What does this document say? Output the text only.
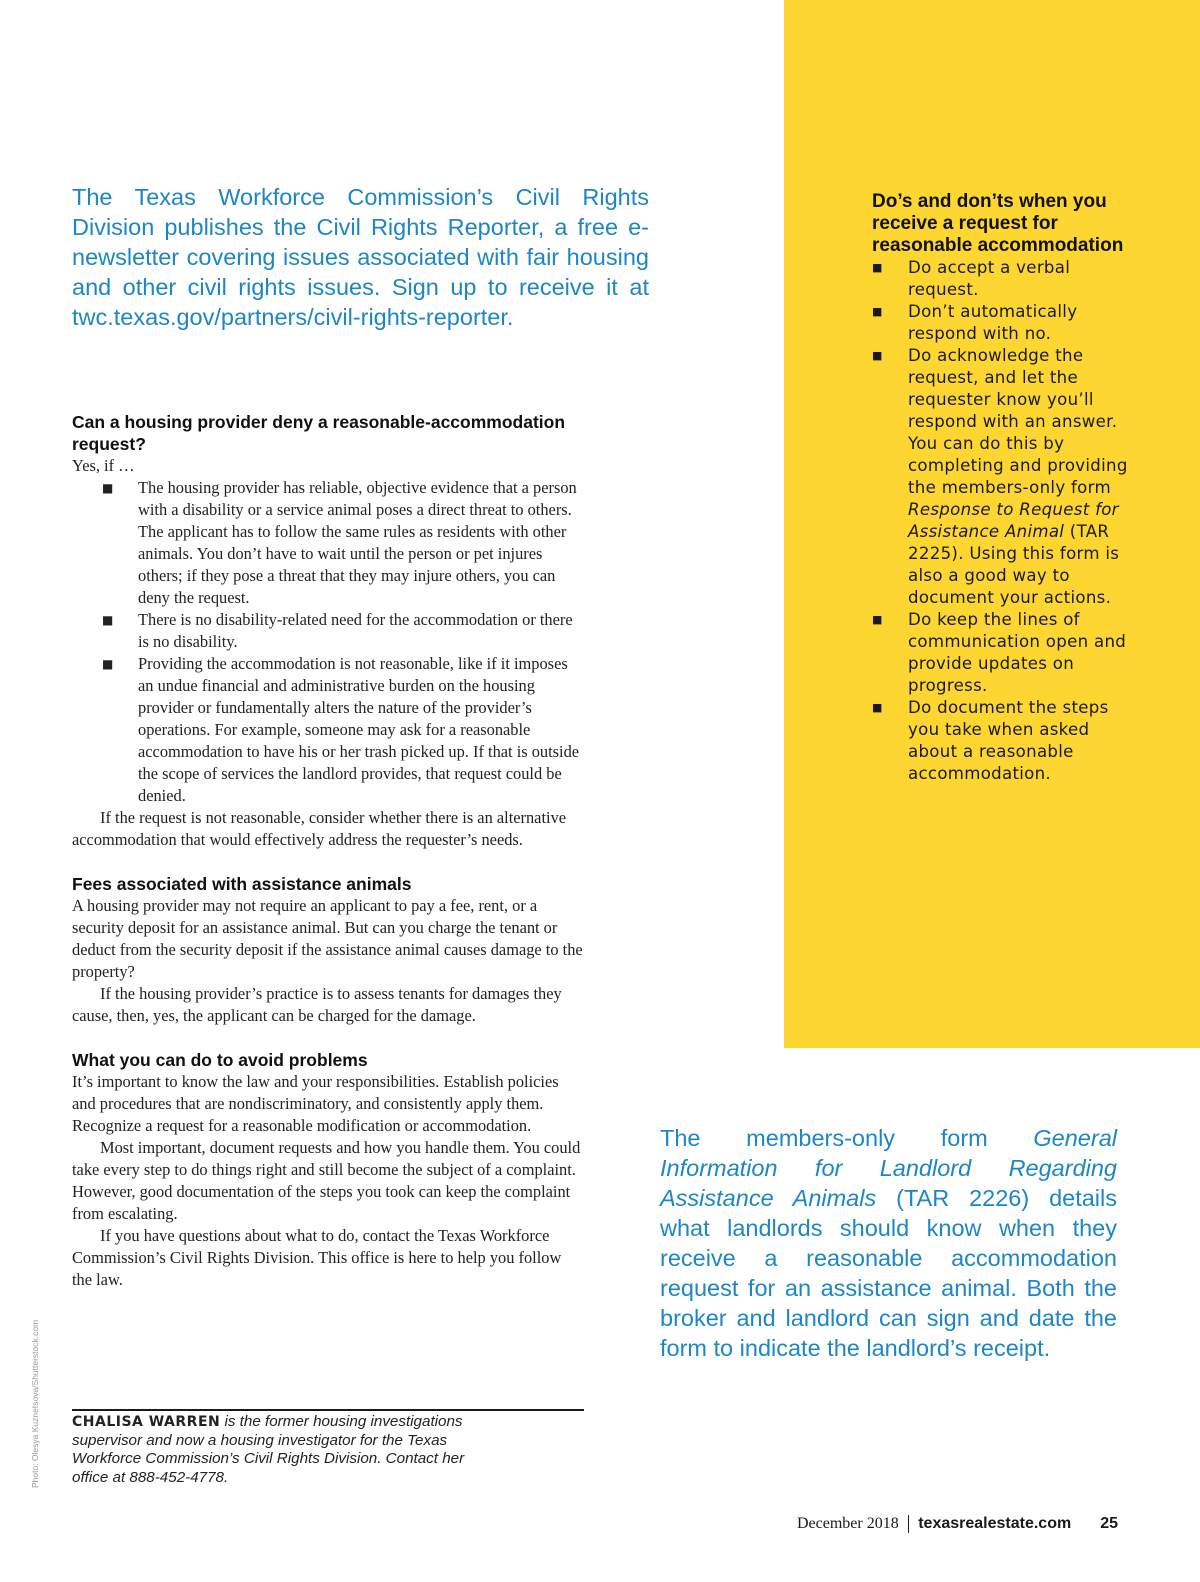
The Texas Workforce Commission’s Civil Rights Division publishes the Civil Rights Reporter, a free e-newsletter covering issues associated with fair housing and other civil rights issues. Sign up to receive it at twc.texas.gov/partners/civil-rights-reporter.

Can a housing provider deny a reasonable-accommodation request?

Yes, if …

■ The housing provider has reliable, objective evidence that a person with a disability or a service animal poses a direct threat to others. The applicant has to follow the same rules as residents with other animals. You don’t have to wait until the person or pet injures others; if they pose a threat that they may injure others, you can deny the request.
■ There is no disability-related need for the accommodation or there is no disability.
■ Providing the accommodation is not reasonable, like if it imposes an undue financial and administrative burden on the housing provider or fundamentally alters the nature of the provider’s operations. For example, someone may ask for a reasonable accommodation to have his or her trash picked up. If that is outside the scope of services the landlord provides, that request could be denied.

If the request is not reasonable, consider whether there is an alternative accommodation that would effectively address the requester’s needs.

Fees associated with assistance animals

A housing provider may not require an applicant to pay a fee, rent, or a security deposit for an assistance animal. But can you charge the tenant or deduct from the security deposit if the assistance animal causes damage to the property?

If the housing provider’s practice is to assess tenants for damages they cause, then, yes, the applicant can be charged for the damage.

What you can do to avoid problems

It’s important to know the law and your responsibilities. Establish policies and procedures that are nondiscriminatory, and consistently apply them. Recognize a request for a reasonable modification or accommodation.

Most important, document requests and how you handle them. You could take every step to do things right and still become the subject of a complaint. However, good documentation of the steps you took can keep the complaint from escalating.

If you have questions about what to do, contact the Texas Workforce Commission’s Civil Rights Division. This office is here to help you follow the law.

Do’s and don’ts when you receive a request for reasonable accommodation
■ Do accept a verbal request.
■ Don’t automatically respond with no.
■ Do acknowledge the request, and let the requester know you’ll respond with an answer. You can do this by completing and providing the members-only form Response to Request for Assistance Animal (TAR 2225). Using this form is also a good way to document your actions.
■ Do keep the lines of communication open and provide updates on progress.
■ Do document the steps you take when asked about a reasonable accommodation.

The members-only form General Information for Landlord Regarding Assistance Animals (TAR 2226) details what landlords should know when they receive a reasonable accommodation request for an assistance animal. Both the broker and landlord can sign and date the form to indicate the landlord’s receipt.

CHALISA WARREN is the former housing investigations supervisor and now a housing investigator for the Texas Workforce Commission’s Civil Rights Division. Contact her office at 888-452-4778.

Photo: Olesya Kuznetsova/Shutterstock.com
December 2018 texasrealestate.com 25
